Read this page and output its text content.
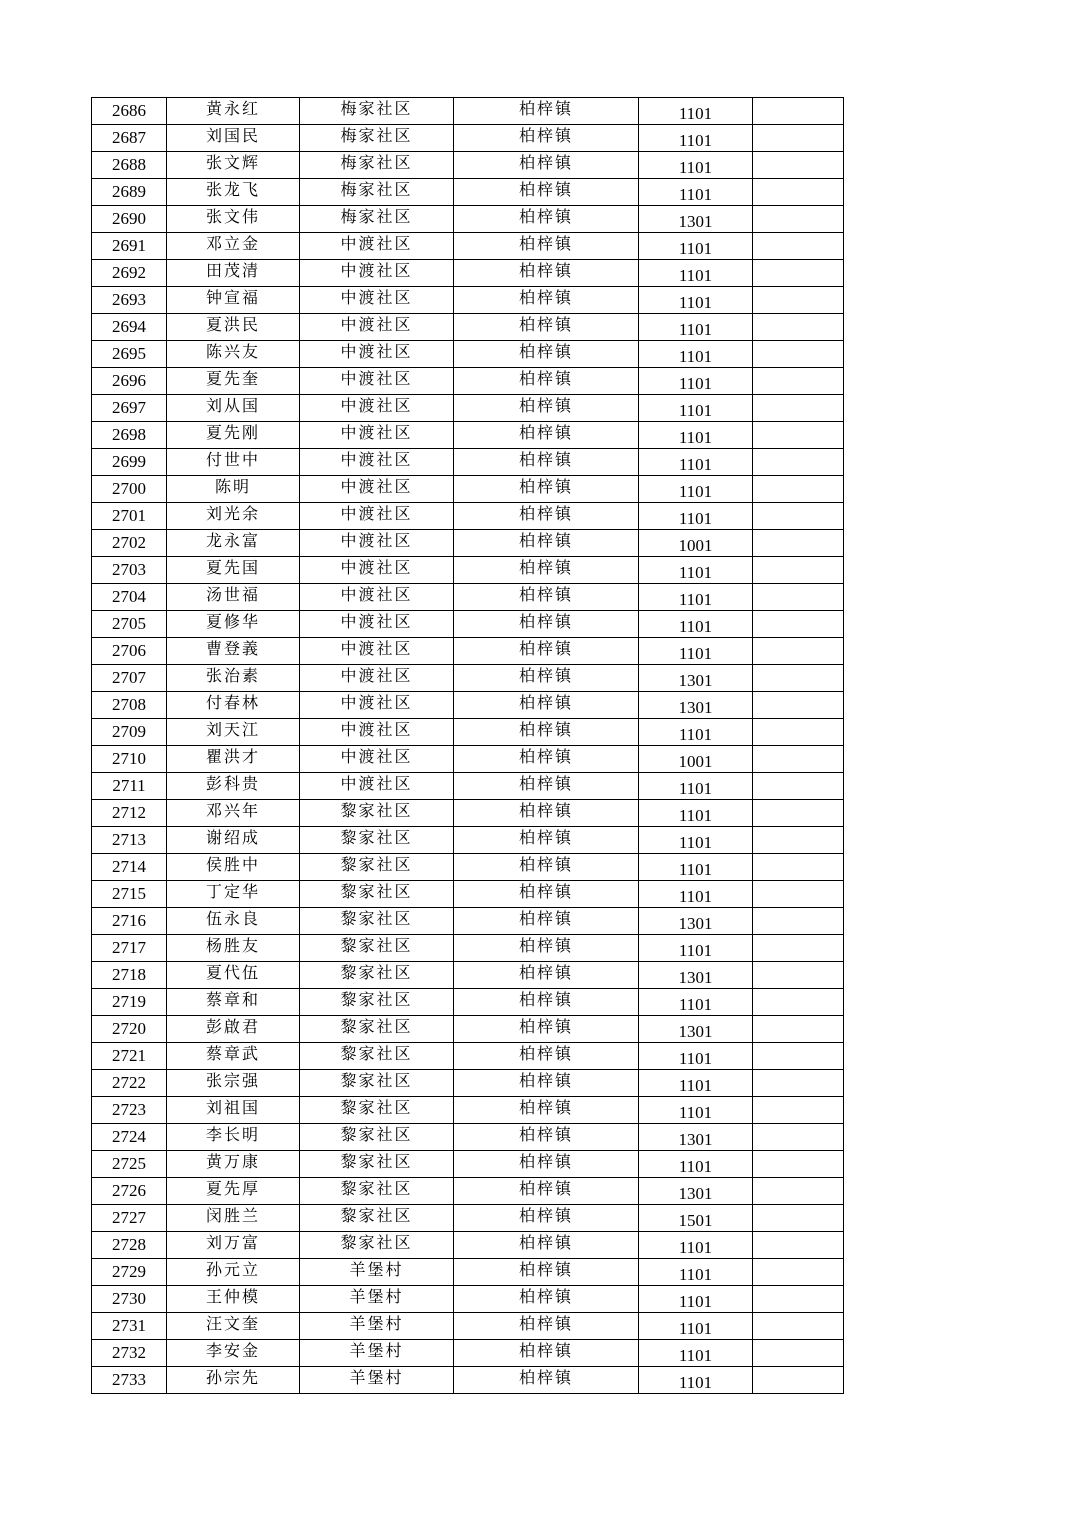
2686	黄永红	梅家社区	柏梓镇	1101	
2687	刘国民	梅家社区	柏梓镇	1101	
2688	张文辉	梅家社区	柏梓镇	1101	
2689	张龙飞	梅家社区	柏梓镇	1101	
2690	张文伟	梅家社区	柏梓镇	1301	
2691	邓立金	中渡社区	柏梓镇	1101	
2692	田茂清	中渡社区	柏梓镇	1101	
2693	钟宣福	中渡社区	柏梓镇	1101	
2694	夏洪民	中渡社区	柏梓镇	1101	
2695	陈兴友	中渡社区	柏梓镇	1101	
2696	夏先奎	中渡社区	柏梓镇	1101	
2697	刘从国	中渡社区	柏梓镇	1101	
2698	夏先刚	中渡社区	柏梓镇	1101	
2699	付世中	中渡社区	柏梓镇	1101	
2700	陈明	中渡社区	柏梓镇	1101	
2701	刘光余	中渡社区	柏梓镇	1101	
2702	龙永富	中渡社区	柏梓镇	1001	
2703	夏先国	中渡社区	柏梓镇	1101	
2704	汤世福	中渡社区	柏梓镇	1101	
2705	夏修华	中渡社区	柏梓镇	1101	
2706	曹登義	中渡社区	柏梓镇	1101	
2707	张治素	中渡社区	柏梓镇	1301	
2708	付春林	中渡社区	柏梓镇	1301	
2709	刘天江	中渡社区	柏梓镇	1101	
2710	瞿洪才	中渡社区	柏梓镇	1001	
2711	彭科贵	中渡社区	柏梓镇	1101	
2712	邓兴年	黎家社区	柏梓镇	1101	
2713	谢绍成	黎家社区	柏梓镇	1101	
2714	侯胜中	黎家社区	柏梓镇	1101	
2715	丁定华	黎家社区	柏梓镇	1101	
2716	伍永良	黎家社区	柏梓镇	1301	
2717	杨胜友	黎家社区	柏梓镇	1101	
2718	夏代伍	黎家社区	柏梓镇	1301	
2719	蔡章和	黎家社区	柏梓镇	1101	
2720	彭啟君	黎家社区	柏梓镇	1301	
2721	蔡章武	黎家社区	柏梓镇	1101	
2722	张宗强	黎家社区	柏梓镇	1101	
2723	刘祖国	黎家社区	柏梓镇	1101	
2724	李长明	黎家社区	柏梓镇	1301	
2725	黄万康	黎家社区	柏梓镇	1101	
2726	夏先厚	黎家社区	柏梓镇	1301	
2727	闵胜兰	黎家社区	柏梓镇	1501	
2728	刘万富	黎家社区	柏梓镇	1101	
2729	孙元立	羊堡村	柏梓镇	1101	
2730	王仲模	羊堡村	柏梓镇	1101	
2731	汪文奎	羊堡村	柏梓镇	1101	
2732	李安金	羊堡村	柏梓镇	1101	
2733	孙宗先	羊堡村	柏梓镇	1101	
